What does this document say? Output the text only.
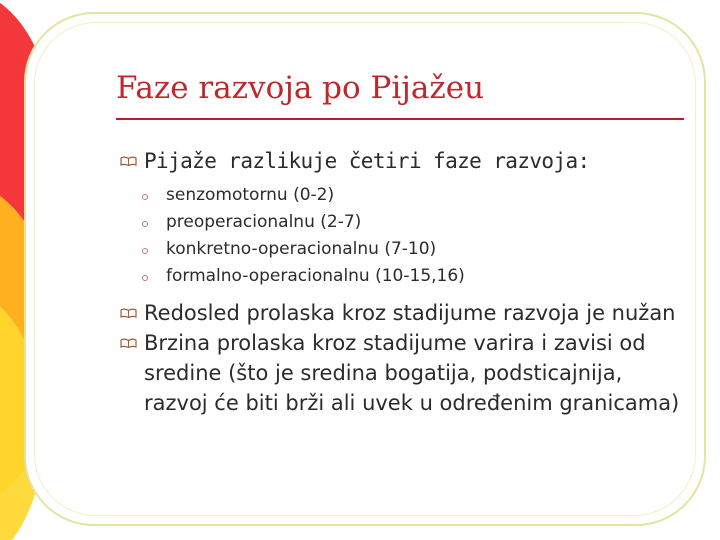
Faze razvoja po Pijažeu
Pijaže razlikuje četiri faze razvoja:
senzomotornu (0-2)
preoperacionalnu (2-7)
konkretno-operacionalnu (7-10)
formalno-operacionalnu (10-15,16)
Redosled prolaska kroz stadijume razvoja je nužan
Brzina prolaska kroz stadijume varira i zavisi od sredine (što je sredina bogatija, podsticajnija, razvoj će biti brži ali uvek u određenim granicama)
